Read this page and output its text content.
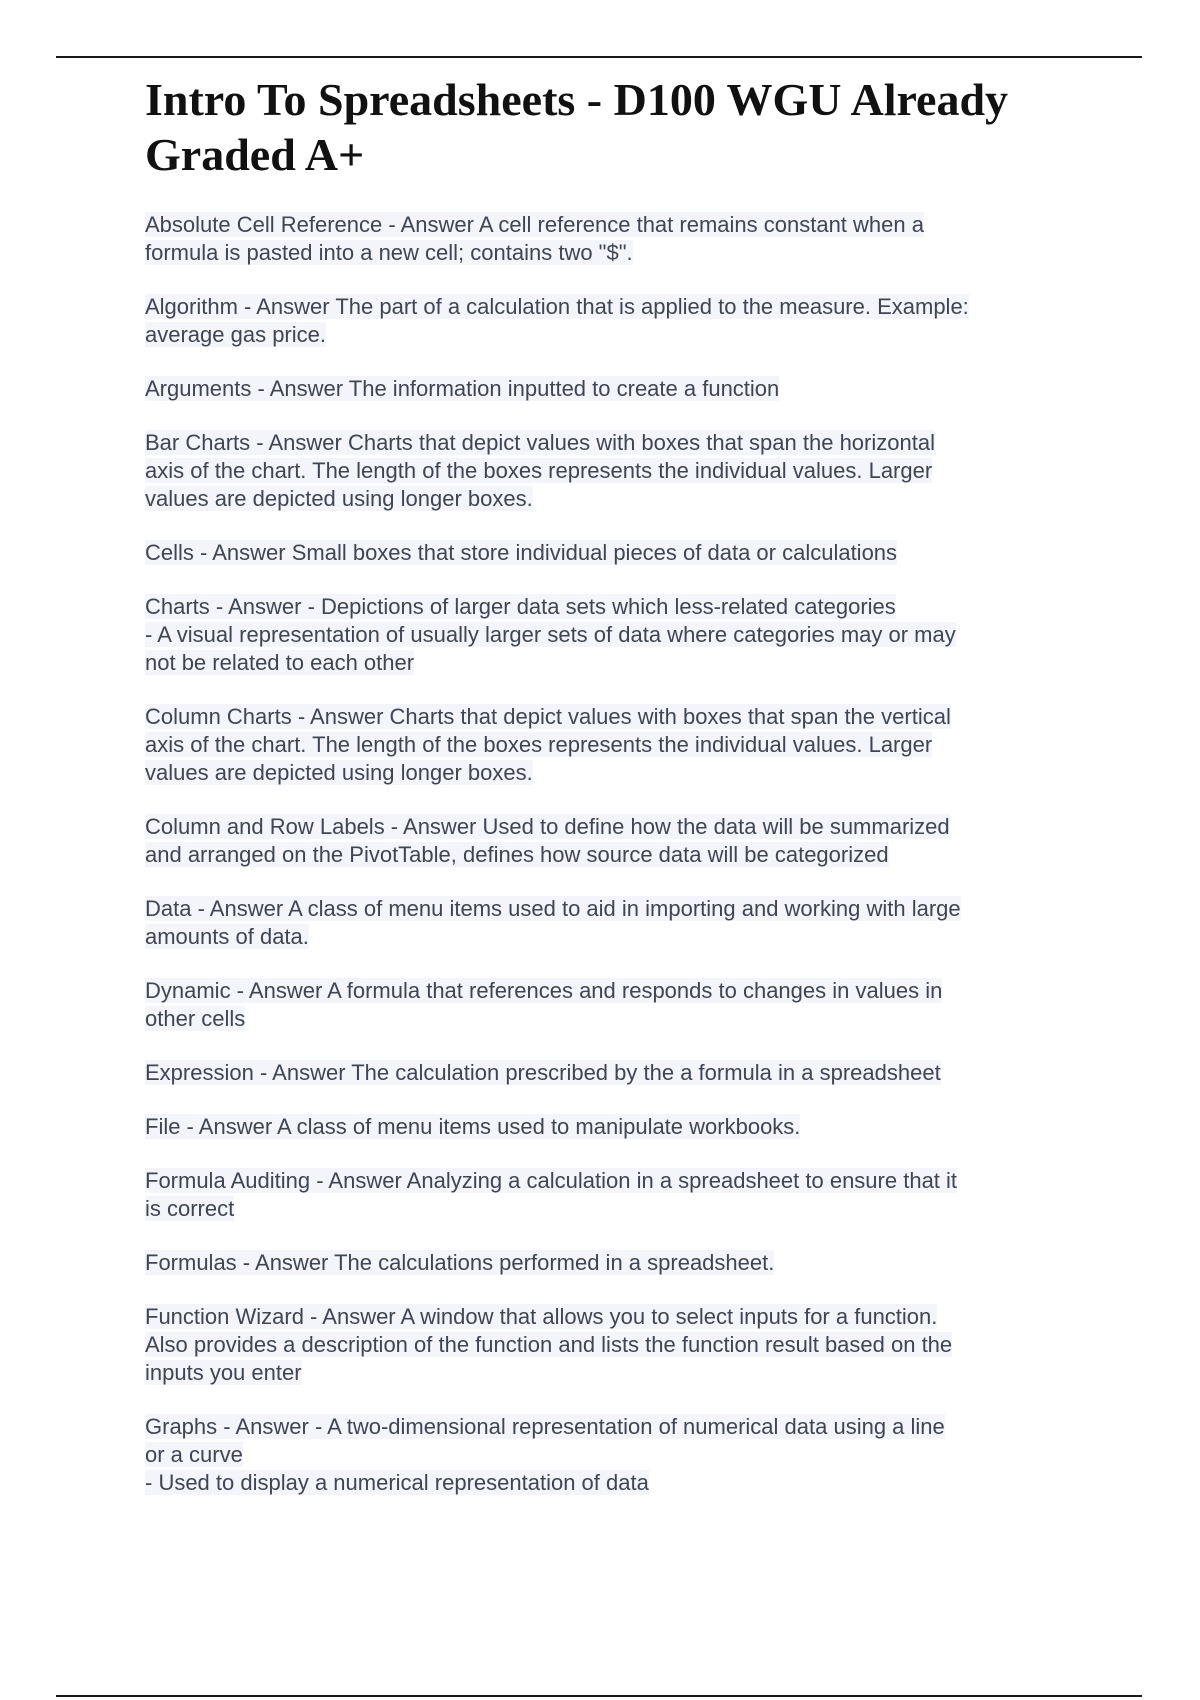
Intro To Spreadsheets - D100 WGU Already
Graded A+

Absolute Cell Reference - Answer A cell reference that remains constant when a
formula is pasted into a new cell; contains two "$".

Algorithm - Answer The part of a calculation that is applied to the measure. Example:
average gas price.

Arguments - Answer The information inputted to create a function

Bar Charts - Answer Charts that depict values with boxes that span the horizontal
axis of the chart. The length of the boxes represents the individual values. Larger
values are depicted using longer boxes.

Cells - Answer Small boxes that store individual pieces of data or calculations

Charts - Answer - Depictions of larger data sets which less-related categories
- A visual representation of usually larger sets of data where categories may or may
not be related to each other

Column Charts - Answer Charts that depict values with boxes that span the vertical
axis of the chart. The length of the boxes represents the individual values. Larger
values are depicted using longer boxes.

Column and Row Labels - Answer Used to define how the data will be summarized
and arranged on the PivotTable, defines how source data will be categorized

Data - Answer A class of menu items used to aid in importing and working with large
amounts of data.

Dynamic - Answer A formula that references and responds to changes in values in
other cells

Expression - Answer The calculation prescribed by the a formula in a spreadsheet

File - Answer A class of menu items used to manipulate workbooks.

Formula Auditing - Answer Analyzing a calculation in a spreadsheet to ensure that it
is correct

Formulas - Answer The calculations performed in a spreadsheet.

Function Wizard - Answer A window that allows you to select inputs for a function.
Also provides a description of the function and lists the function result based on the
inputs you enter

Graphs - Answer - A two-dimensional representation of numerical data using a line
or a curve
- Used to display a numerical representation of data
